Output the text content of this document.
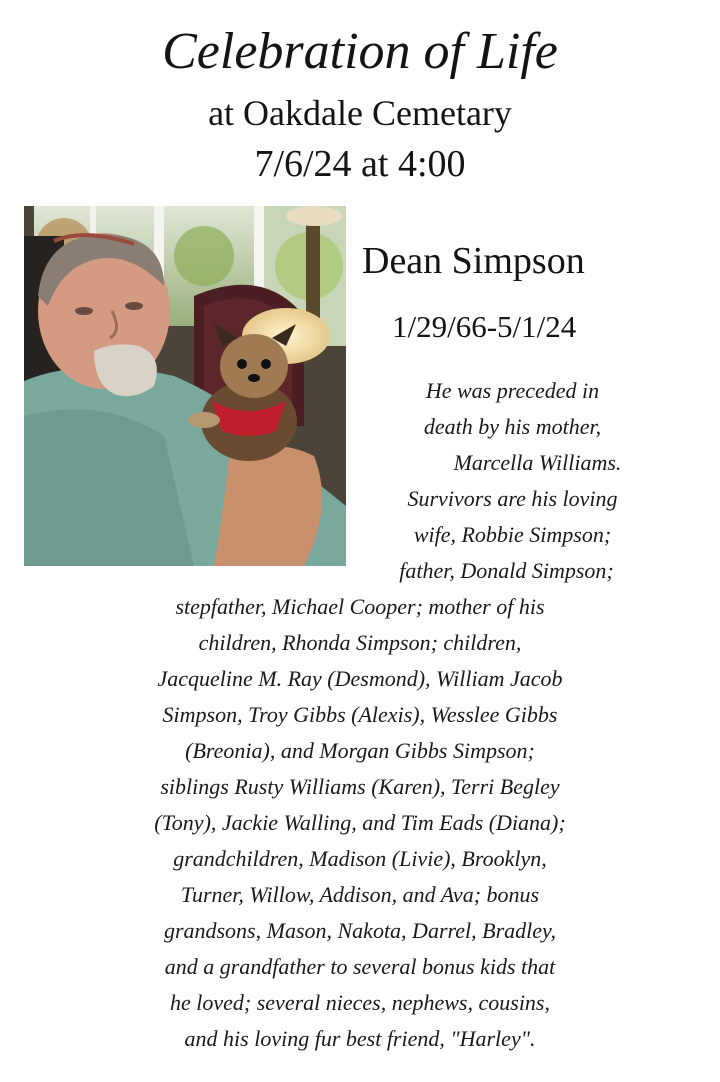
Celebration of Life
at Oakdale Cemetary
7/6/24 at 4:00
Dean Simpson
1/29/66-5/1/24
He was preceded in
death by his mother,
Marcella Williams.
Survivors are his loving
wife, Robbie Simpson;
father, Donald Simpson;
stepfather, Michael Cooper; mother of his
children, Rhonda Simpson; children,
Jacqueline M. Ray (Desmond), William Jacob
Simpson, Troy Gibbs (Alexis), Wesslee Gibbs
(Breonia), and Morgan Gibbs Simpson;
siblings Rusty Williams (Karen), Terri Begley
(Tony), Jackie Walling, and Tim Eads (Diana);
grandchildren, Madison (Livie), Brooklyn,
Turner, Willow, Addison, and Ava; bonus
grandsons, Mason, Nakota, Darrel, Bradley,
and a grandfather to several bonus kids that
he loved; several nieces, nephews, cousins,
and his loving fur best friend, "Harley".
